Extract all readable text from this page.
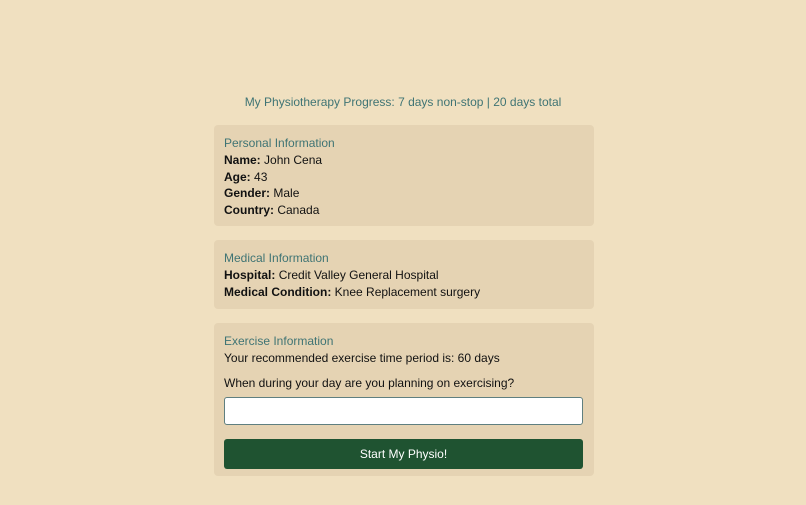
My Physiotherapy Progress: 7 days non-stop | 20 days total
Personal Information
Name: John Cena
Age: 43
Gender: Male
Country: Canada
Medical Information
Hospital: Credit Valley General Hospital
Medical Condition: Knee Replacement surgery
Exercise Information
Your recommended exercise time period is: 60 days
When during your day are you planning on exercising?
Start My Physio!
